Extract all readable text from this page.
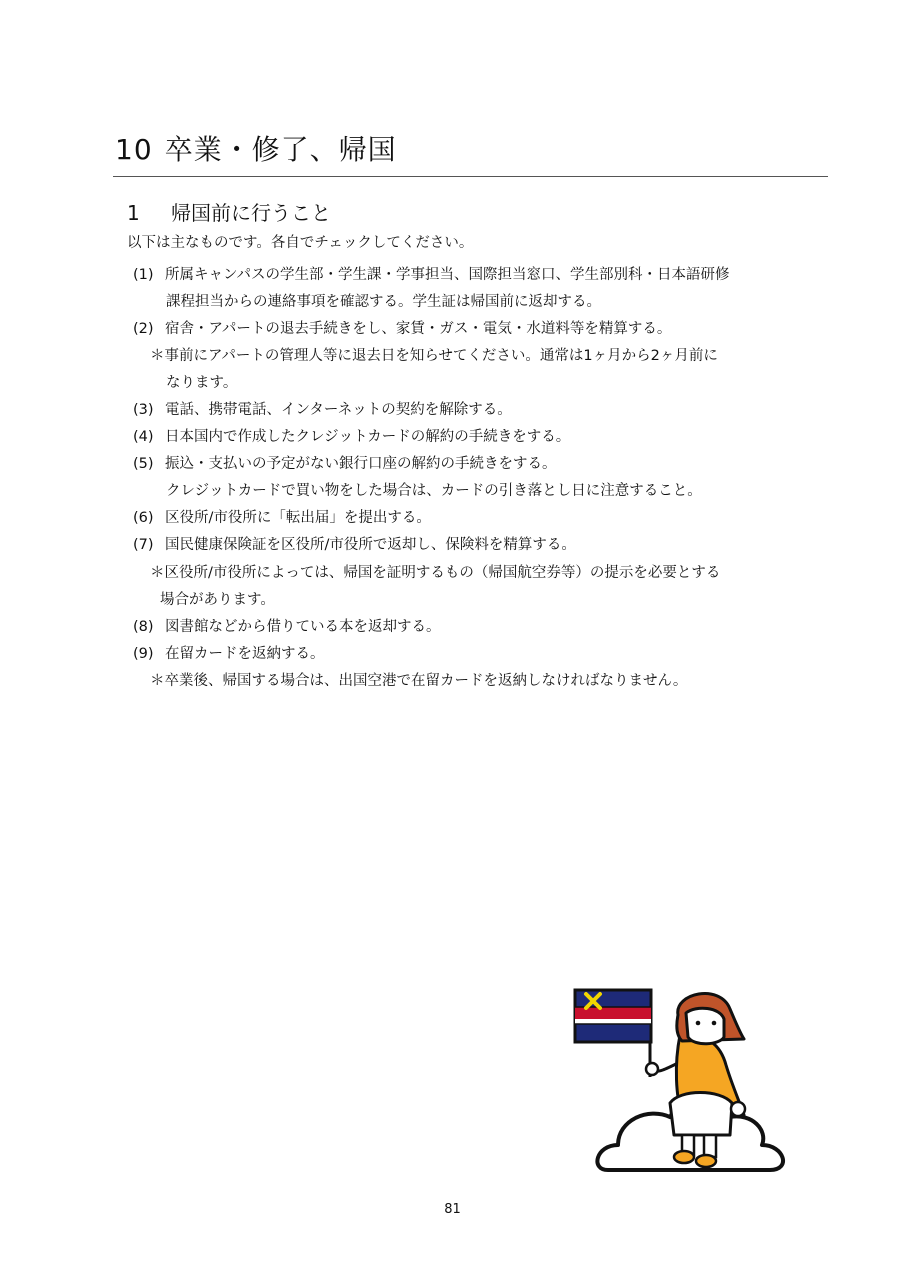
10 卒業・修了、帰国
1 帰国前に行うこと
以下は主なものです。各自でチェックしてください。
(1) 所属キャンパスの学生部・学生課・学事担当、国際担当窓口、学生部別科・日本語研修
課程担当からの連絡事項を確認する。学生証は帰国前に返却する。
(2) 宿舎・アパートの退去手続きをし、家賃・ガス・電気・水道料等を精算する。
＊事前にアパートの管理人等に退去日を知らせてください。通常は1ヶ月から2ヶ月前に
なります。
(3) 電話、携帯電話、インターネットの契約を解除する。
(4) 日本国内で作成したクレジットカードの解約の手続きをする。
(5) 振込・支払いの予定がない銀行口座の解約の手続きをする。
クレジットカードで買い物をした場合は、カードの引き落とし日に注意すること。
(6) 区役所/市役所に「転出届」を提出する。
(7) 国民健康保険証を区役所/市役所で返却し、保険料を精算する。
＊区役所/市役所によっては、帰国を証明するもの（帰国航空券等）の提示を必要とする
場合があります。
(8) 図書館などから借りている本を返却する。
(9) 在留カードを返納する。
＊卒業後、帰国する場合は、出国空港で在留カードを返納しなければなりません。
81
